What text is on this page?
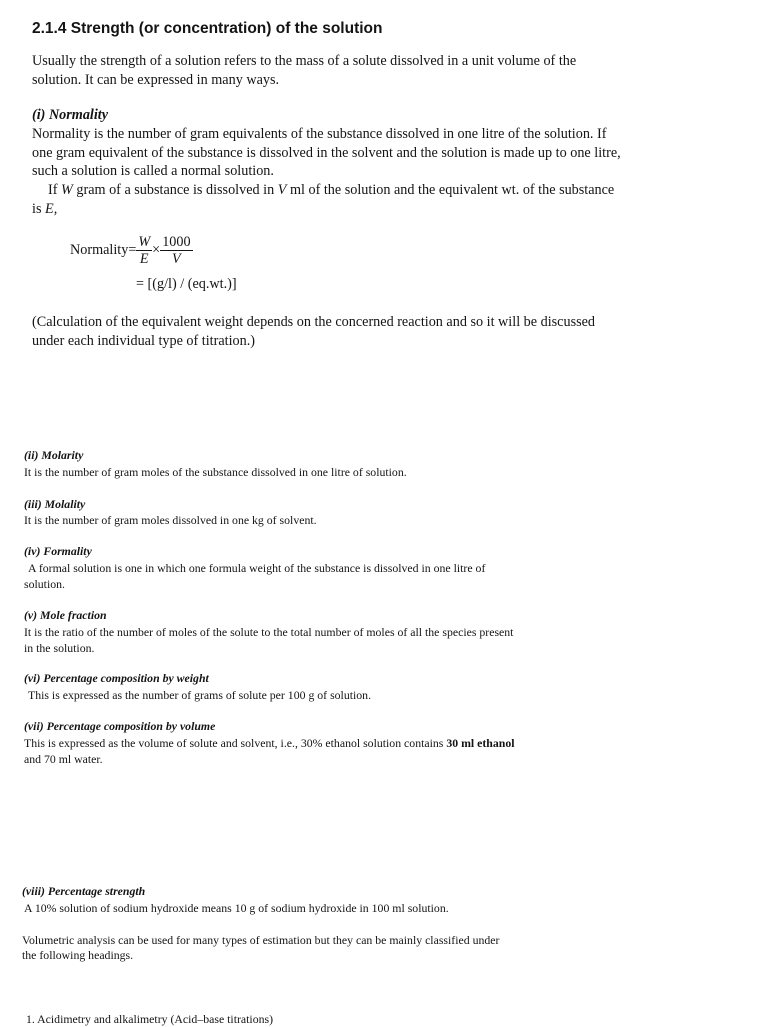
2.1.4 Strength (or concentration) of the solution
Usually the strength of a solution refers to the mass of a solute dissolved in a unit volume of the
solution. It can be expressed in many ways.
(i) Normality
Normality is the number of gram equivalents of the substance dissolved in one litre of the solution. If
one gram equivalent of the substance is dissolved in the solvent and the solution is made up to one litre,
such a solution is called a normal solution.
If W gram of a substance is dissolved in V ml of the solution and the equivalent wt. of the substance
is E,
Normality= $\frac{W}{E} \times \frac{1000}{V}$
= [(g/l) / (eq.wt.)]
(Calculation of the equivalent weight depends on the concerned reaction and so it will be discussed
under each individual type of titration.)
(ii) Molarity
It is the number of gram moles of the substance dissolved in one litre of solution.
(iii) Molality
It is the number of gram moles dissolved in one kg of solvent.
(iv) Formality
A formal solution is one in which one formula weight of the substance is dissolved in one litre of
solution.
(v) Mole fraction
It is the ratio of the number of moles of the solute to the total number of moles of all the species present
in the solution.
(vi) Percentage composition by weight
This is expressed as the number of grams of solute per 100 g of solution.
(vii) Percentage composition by volume
This is expressed as the volume of solute and solvent, i.e., 30% ethanol solution contains 30 ml ethanol
and 70 ml water.
(viii) Percentage strength
A 10% solution of sodium hydroxide means 10 g of sodium hydroxide in 100 ml solution.
Volumetric analysis can be used for many types of estimation but they can be mainly classified under
the following headings.
1. Acidimetry and alkalimetry (Acid–base titrations)
